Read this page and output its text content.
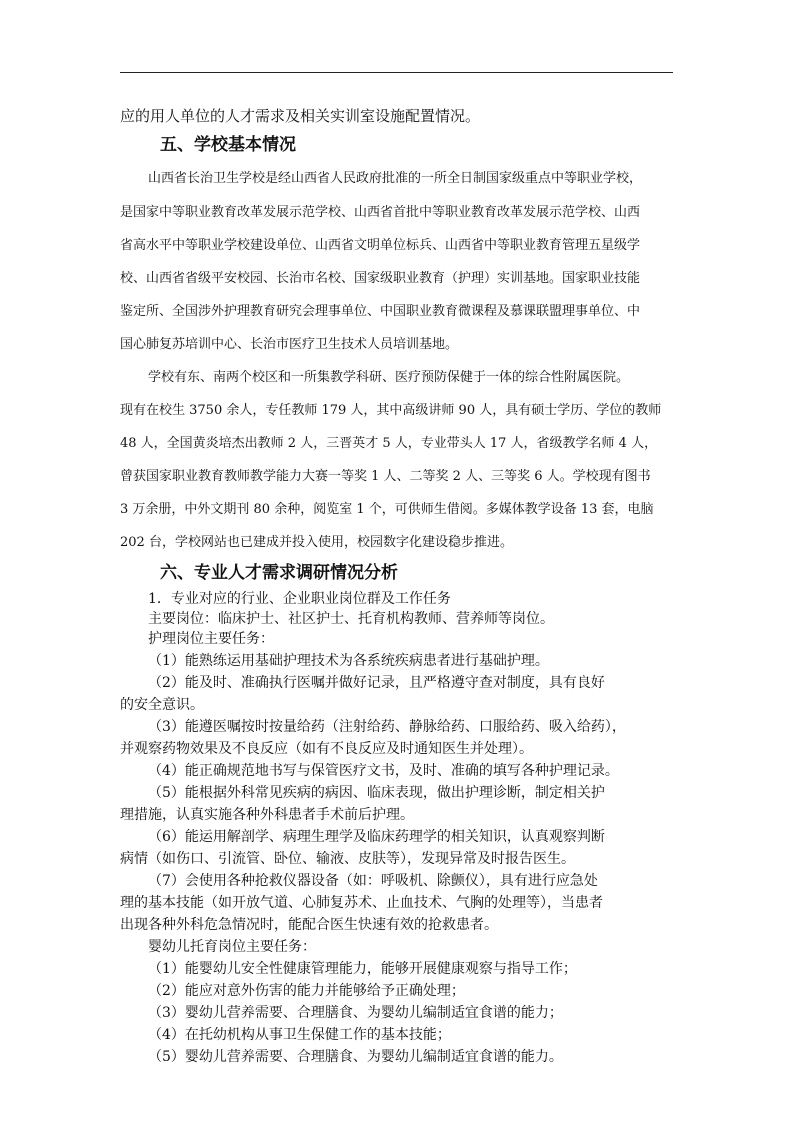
应的用人单位的人才需求及相关实训室设施配置情况。
五、学校基本情况
山西省长治卫生学校是经山西省人民政府批准的一所全日制国家级重点中等职业学校，
是国家中等职业教育改革发展示范学校、山西省首批中等职业教育改革发展示范学校、山西
省高水平中等职业学校建设单位、山西省文明单位标兵、山西省中等职业教育管理五星级学
校、山西省省级平安校园、长治市名校、国家级职业教育（护理）实训基地。国家职业技能
鉴定所、全国涉外护理教育研究会理事单位、中国职业教育微课程及慕课联盟理事单位、中
国心肺复苏培训中心、长治市医疗卫生技术人员培训基地。
学校有东、南两个校区和一所集教学科研、医疗预防保健于一体的综合性附属医院。
现有在校生 3750 余人，专任教师 179 人，其中高级讲师 90 人，具有硕士学历、学位的教师
48 人，全国黄炎培杰出教师 2 人，三晋英才 5 人，专业带头人 17 人，省级教学名师 4 人，
曾获国家职业教育教师教学能力大赛一等奖 1 人、二等奖 2 人、三等奖 6 人。学校现有图书
3 万余册，中外文期刊 80 余种，阅览室 1 个，可供师生借阅。多媒体教学设备 13 套，电脑
202 台，学校网站也已建成并投入使用，校园数字化建设稳步推进。
六、专业人才需求调研情况分析
1．专业对应的行业、企业职业岗位群及工作任务
主要岗位：临床护士、社区护士、托育机构教师、营养师等岗位。
护理岗位主要任务：
（1）能熟练运用基础护理技术为各系统疾病患者进行基础护理。
（2）能及时、准确执行医嘱并做好记录，且严格遵守查对制度，具有良好
的安全意识。
（3）能遵医嘱按时按量给药（注射给药、静脉给药、口服给药、吸入给药），
并观察药物效果及不良反应（如有不良反应及时通知医生并处理）。
（4）能正确规范地书写与保管医疗文书，及时、准确的填写各种护理记录。
（5）能根据外科常见疾病的病因、临床表现，做出护理诊断，制定相关护
理措施，认真实施各种外科患者手术前后护理。
（6）能运用解剖学、病理生理学及临床药理学的相关知识，认真观察判断
病情（如伤口、引流管、卧位、输液、皮肤等），发现异常及时报告医生。
（7）会使用各种抢救仪器设备（如：呼吸机、除颤仪），具有进行应急处
理的基本技能（如开放气道、心肺复苏术、止血技术、气胸的处理等），当患者
出现各种外科危急情况时，能配合医生快速有效的抢救患者。
婴幼儿托育岗位主要任务：
（1）能婴幼儿安全性健康管理能力，能够开展健康观察与指导工作；
（2）能应对意外伤害的能力并能够给予正确处理；
（3）婴幼儿营养需要、合理膳食、为婴幼儿编制适宜食谱的能力；
（4）在托幼机构从事卫生保健工作的基本技能；
（5）婴幼儿营养需要、合理膳食、为婴幼儿编制适宜食谱的能力。
